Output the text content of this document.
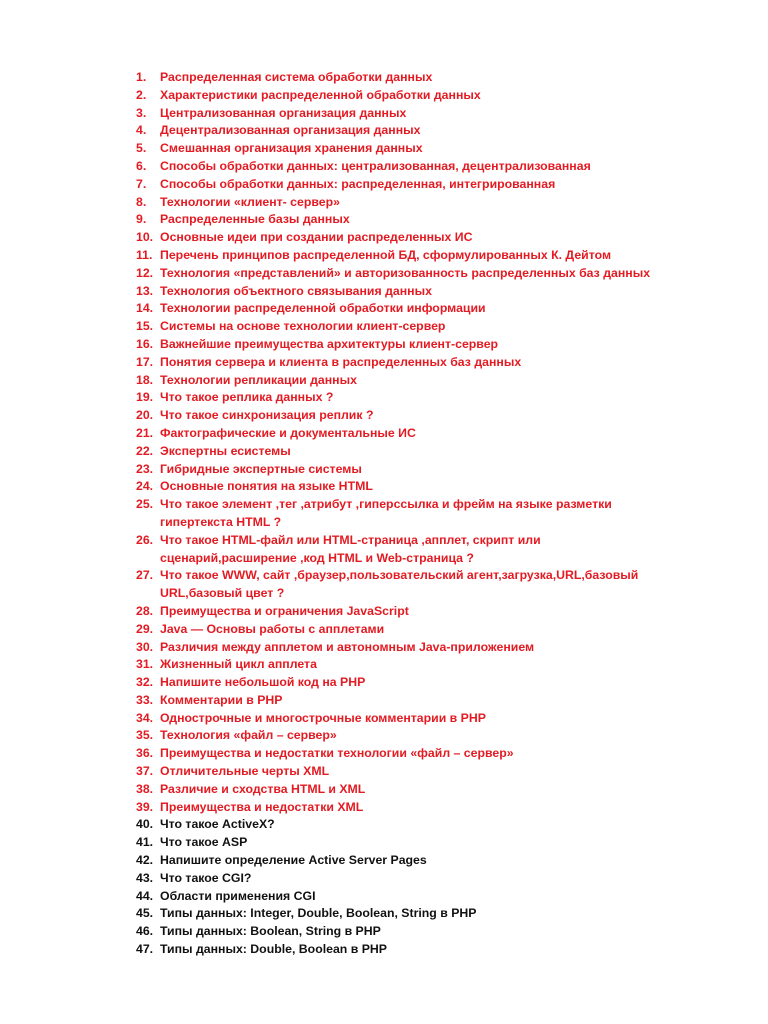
1.	Распределенная система обработки данных
2.	Характеристики распределенной обработки данных
3.	Централизованная организация данных
4.	Децентрализованная организация данных
5.	Смешанная организация хранения данных
6.	Способы обработки данных: централизованная, децентрализованная
7.	Способы обработки данных: распределенная, интегрированная
8.	Технологии «клиент- сервер»
9.	Распределенные базы данных
10. Основные идеи при создании распределенных ИС
11. Перечень принципов распределенной БД, сформулированных К. Дейтом
12. Технология «представлений» и авторизованность распределенных баз данных
13. Технология объектного связывания данных
14. Технологии распределенной обработки информации
15. Системы на основе технологии клиент-сервер
16. Важнейшие преимущества архитектуры клиент-сервер
17. Понятия сервера и клиента в распределенных баз данных
18. Технологии репликации данных
19. Что такое реплика данных ?
20. Что такое синхронизация реплик ?
21. Фактографические и документальные ИС
22. Экспертны есистемы
23. Гибридные экспертные системы
24. Основные понятия на языке HTML
25. Что такое элемент ,тег ,атрибут ,гиперссылка и фрейм на языке разметки
гипертекста HTML ?
26. Что такое HTML-файл или HTML-страница ,апплет, скрипт или
сценарий,расширение ,код HTML и Web-страница ?
27. Что такое WWW, сайт ,браузер,пользовательский агент,загрузка,URL,базовый
URL,базовый цвет ?
28. Преимущества и ограничения JavaScript
29. Java — Основы работы с апплетами
30. Различия между апплетом и автономным Java-приложением
31. Жизненный цикл апплета
32. Напишите небольшой код на PHP
33. Комментарии в PHP
34. Однострочные и многострочные комментарии в PHP
35. Технология «файл – сервер»
36. Преимущества и недостатки технологии «файл – сервер»
37. Отличительные черты XML
38. Различие и сходства HTML и XML
39. Преимущества и недостатки XML
40. Что такое ActiveX?
41. Что такое ASP
42. Напишите определение Active Server Pages
43. Что такое CGI?
44. Области применения CGI
45. Типы данных: Integer, Double, Boolean, String в PHP
46. Типы данных: Boolean, String в PHP
47. Типы данных: Double, Boolean в PHP
